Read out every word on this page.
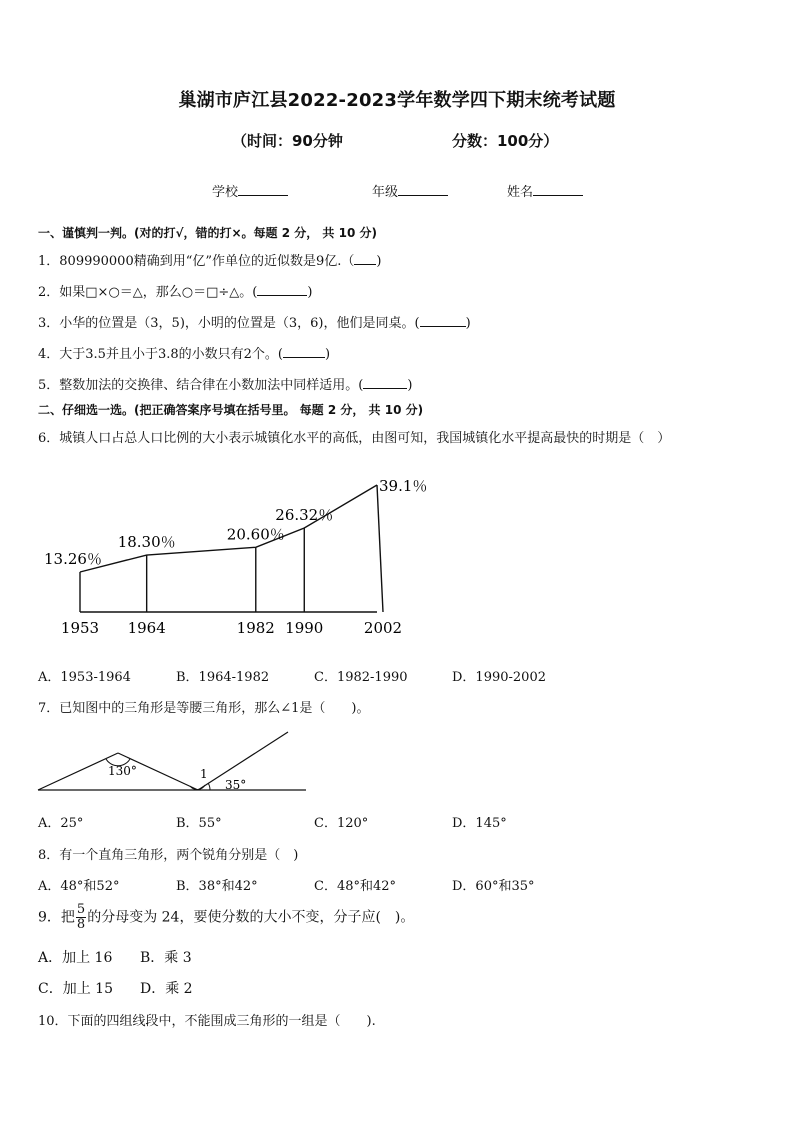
巢湖市庐江县2022-2023学年数学四下期末统考试题
（时间：90分钟	分数：100分）
学校	年级	姓名
一、谨慎判一判。(对的打√，错的打×。每题 2 分， 共 10 分)
1．809990000精确到用“亿”作单位的近似数是9亿.（ )
2．如果□×○＝△，那么○＝□÷△。(	)
3．小华的位置是（3，5)，小明的位置是（3，6)，他们是同桌。(	)
4．大于3.5并且小于3.8的小数只有2个。(	)
5．整数加法的交换律、结合律在小数加法中同样适用。(	)
二、仔细选一选。(把正确答案序号填在括号里。 每题 2 分， 共 10 分)
6．城镇人口占总人口比例的大小表示城镇化水平的高低，由图可知，我国城镇化水平提高最快的时期是（　）
1953
13.26％
1964
18.30％
1982
20.60％
1990
26.32％
2002
39.1％
A．1953-1964	B．1964-1982	C．1982-1990	D．1990-2002
7．已知图中的三角形是等腰三角形，那么∠1是（　　)。
130°	1
35°
A．25°	B．55°	C．120°	D．145°
8．有一个直角三角形，两个锐角分别是（　)
A．48°和52°	B．38°和42°	C．48°和42°	D．60°和35°
9．把 $\frac{5}{8}$ 的分母变为 24，要使分数的大小不变，分子应(　)。
A．加上 16 B．乘 3
C．加上 15 D．乘 2
10．下面的四组线段中，不能围成三角形的一组是（　　).
